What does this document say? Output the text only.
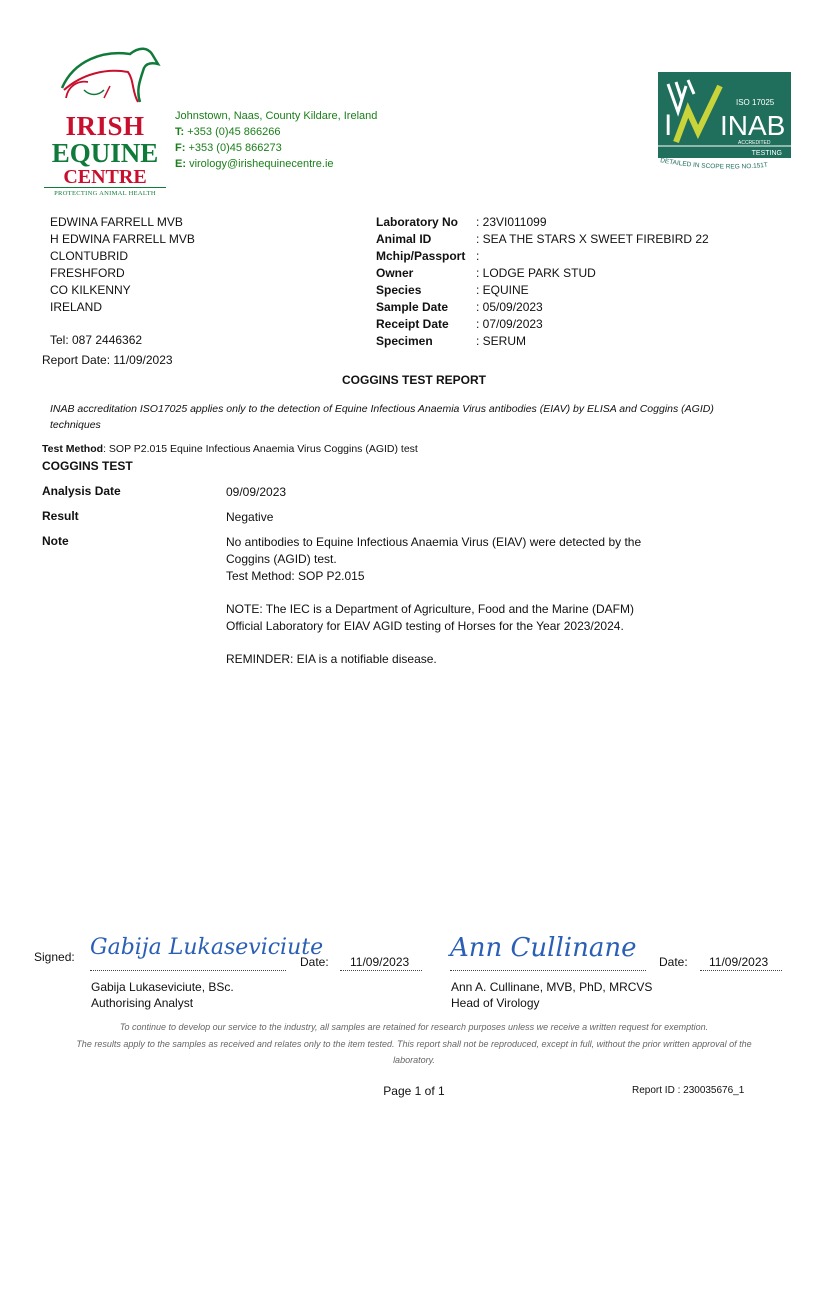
IRISH
EQUINE
CENTRE
PROTECTING ANIMAL HEALTH
Johnstown, Naas, County Kildare, Ireland
T: +353 (0)45 866266
F: +353 (0)45 866273
E: virology@irishequinecentre.ie
ISO 17025
I INAB
ACCREDITED
TESTING
DETAILED IN SCOPE REG NO.151T
EDWINA FARRELL MVB
H EDWINA FARRELL MVB
CLONTUBRID
FRESHFORD
CO KILKENNY
IRELAND
Tel: 087 2446362
Report Date: 11/09/2023
Laboratory No : 23VI011099
Animal ID	: SEA THE STARS X SWEET FIREBIRD 22
Mchip/Passport :
Owner	: LODGE PARK STUD
Species	: EQUINE
Sample Date : 05/09/2023
Receipt Date : 07/09/2023
Specimen	: SERUM
COGGINS TEST REPORT
INAB accreditation ISO17025 applies only to the detection of Equine Infectious Anaemia Virus antibodies (EIAV) by ELISA and Coggins (AGID) techniques
Test Method: SOP P2.015 Equine Infectious Anaemia Virus Coggins (AGID) test
COGGINS TEST
Analysis Date	09/09/2023
Result	Negative
Note	No antibodies to Equine Infectious Anaemia Virus (EIAV) were detected by the Coggins (AGID) test.

Test Method: SOP P2.015

NOTE: The IEC is a Department of Agriculture, Food and the Marine (DAFM) Official Laboratory for EIAV AGID testing of Horses for the Year 2023/2024.

REMINDER: EIA is a notifiable disease.

Signed: Gabija Lukaseviciute
Date: 11/09/2023
Gabija Lukaseviciute, BSc.
Authorising Analyst
Ann Cullinane Date: 11/09/2023
Ann A. Cullinane, MVB, PhD, MRCVS
Head of Virology
To continue to develop our service to the industry, all samples are retained for research purposes unless we receive a written request for exemption.
The results apply to the samples as received and relates only to the item tested. This report shall not be reproduced, except in full, without the prior written approval of the laboratory.
Page 1 of 1	Report ID : 230035676_1
